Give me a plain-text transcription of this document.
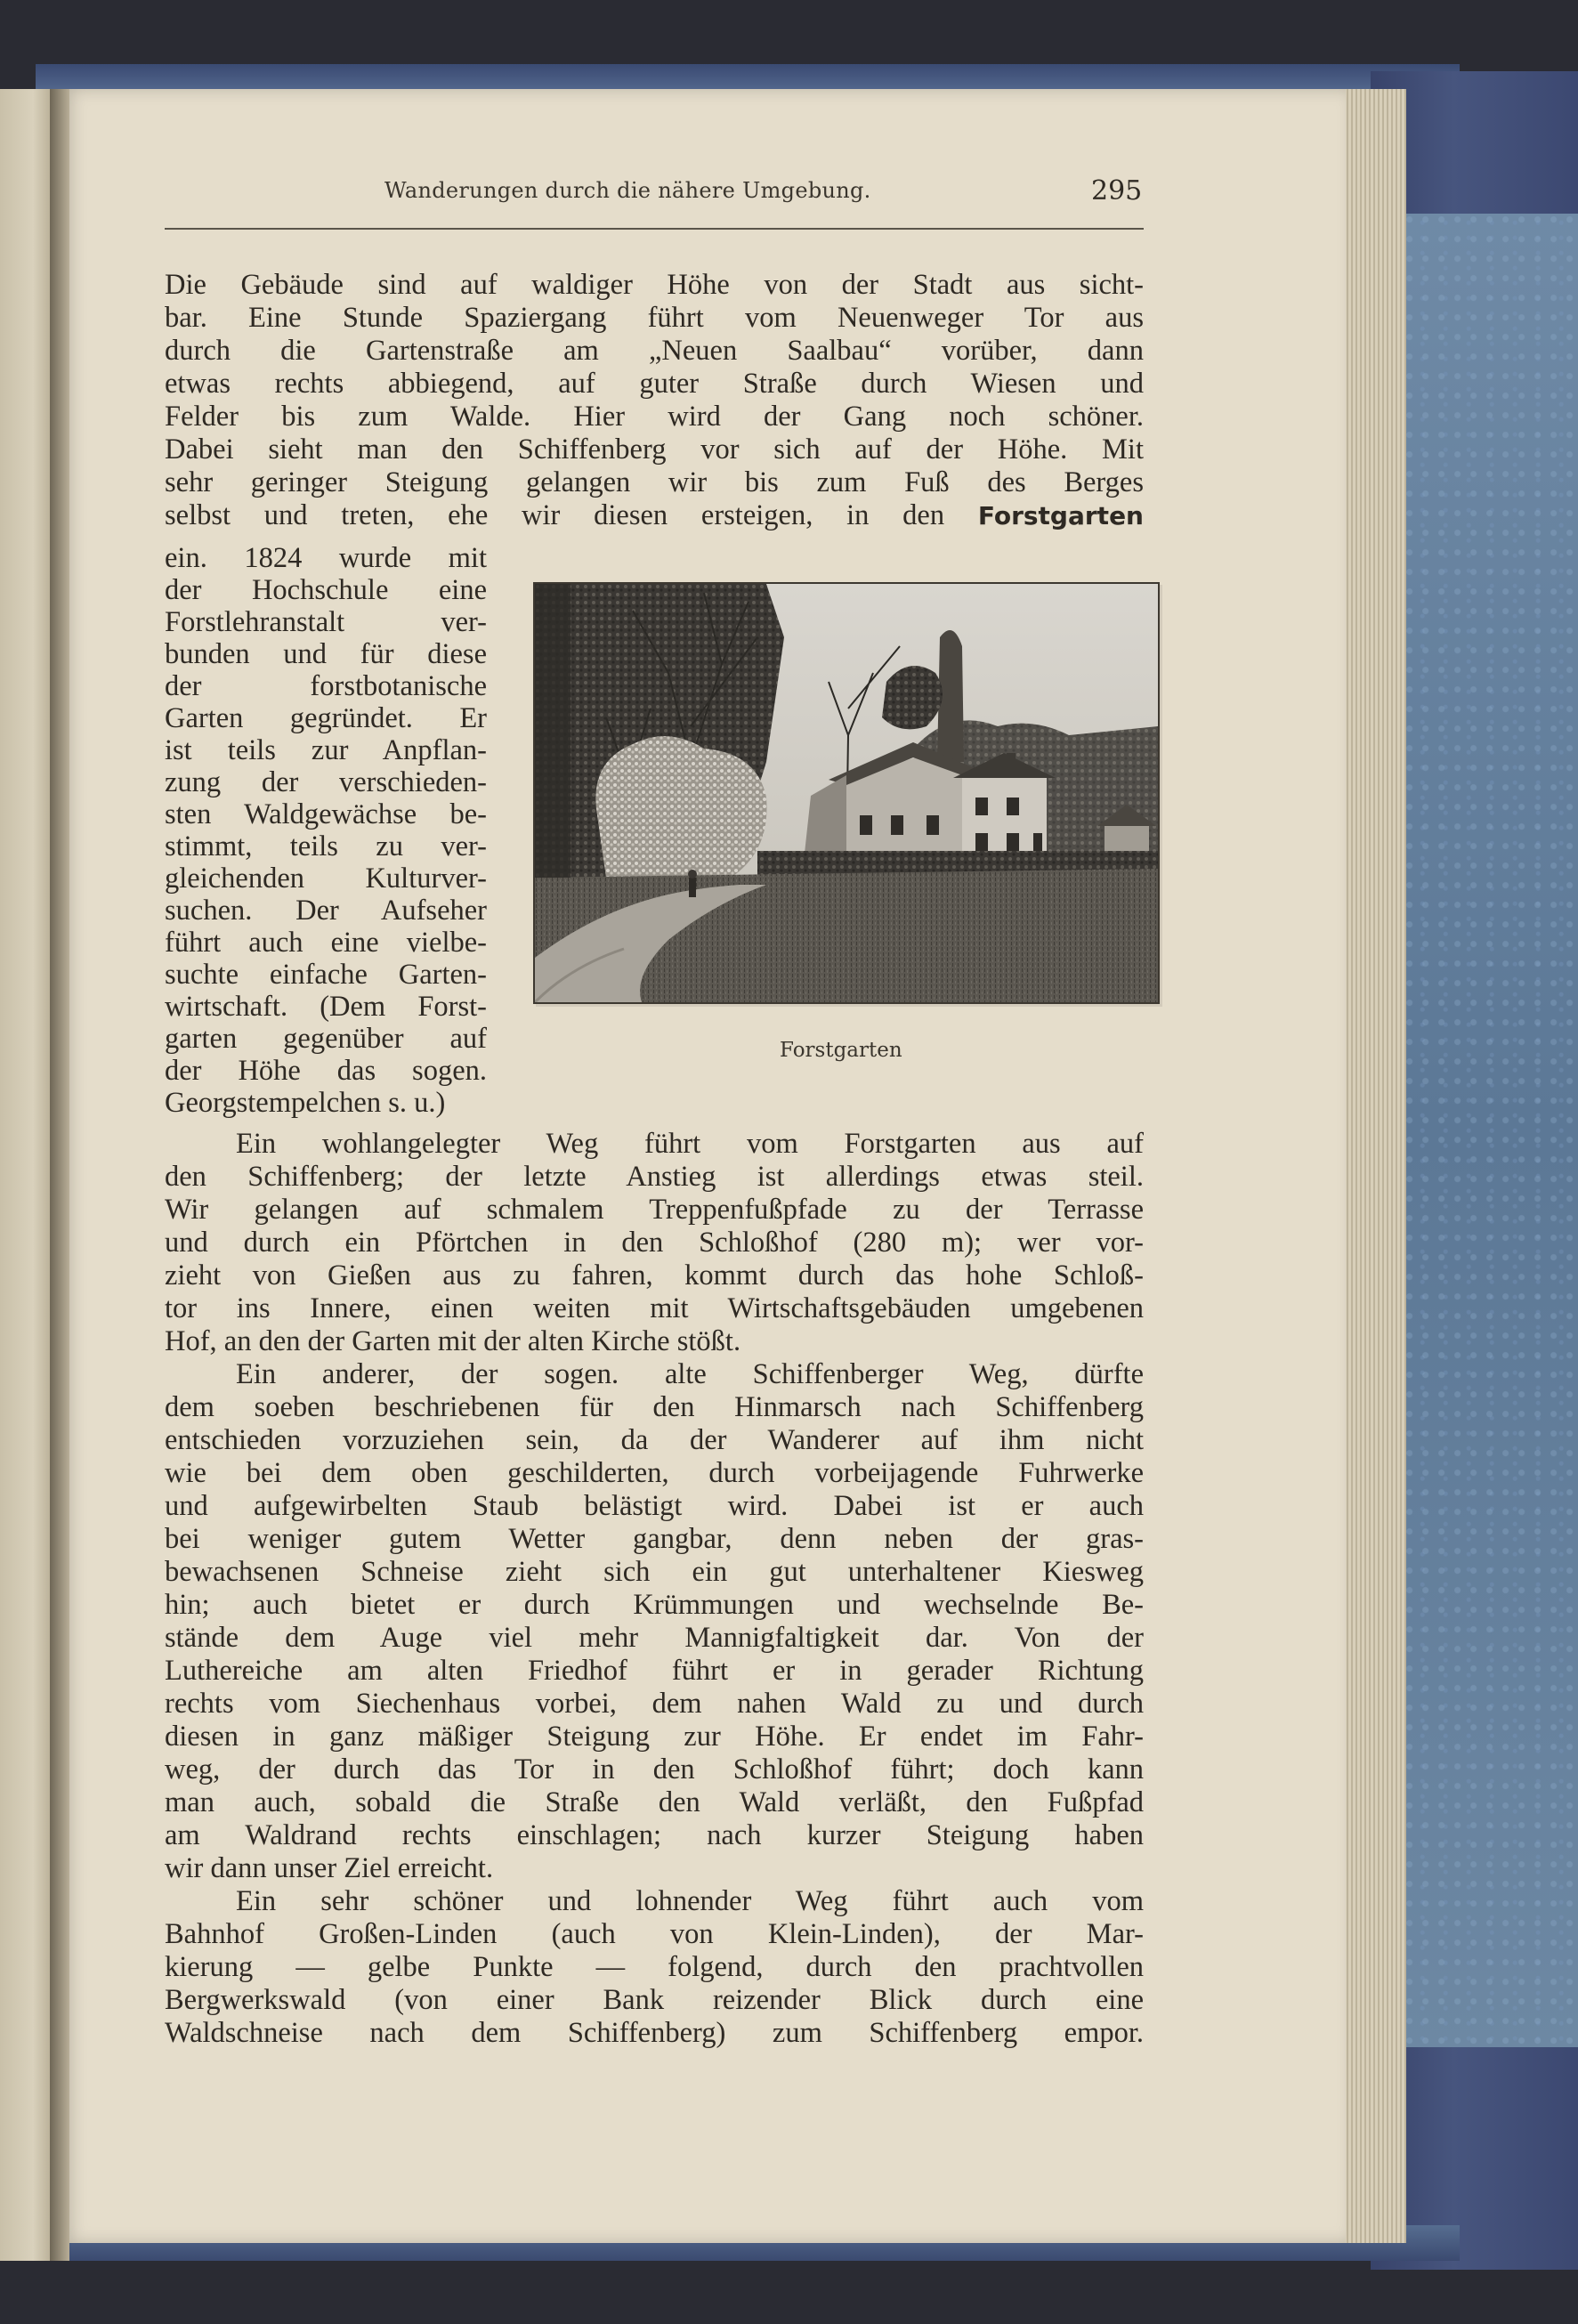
Wanderungen durch die nähere Umgebung.	295
Die Gebäude sind auf waldiger Höhe von der Stadt aus sicht-
bar. Eine Stunde Spaziergang führt vom Neuenweger Tor aus
durch die Gartenstraße am „Neuen Saalbau“ vorüber, dann
etwas rechts abbiegend, auf guter Straße durch Wiesen und
Felder bis zum Walde. Hier wird der Gang noch schöner.
Dabei sieht man den Schiffenberg vor sich auf der Höhe. Mit
sehr geringer Steigung gelangen wir bis zum Fuß des Berges
selbst und treten, ehe wir diesen ersteigen, in den Forstgarten
ein. 1824 wurde mit
der Hochschule eine
Forstlehranstalt ver-
bunden und für diese
der forstbotanische
Garten gegründet. Er
ist teils zur Anpflan-
zung der verschieden-
sten Waldgewächse be-
stimmt, teils zu ver-
gleichenden Kulturver-
suchen. Der Aufseher
führt auch eine vielbe-
suchte einfache Garten-
wirtschaft. (Dem Forst-
garten gegenüber auf
der Höhe das sogen.
Georgstempelchen s. u.)
Forstgarten
Ein wohlangelegter Weg führt vom Forstgarten aus auf
den Schiffenberg; der letzte Anstieg ist allerdings etwas steil.
Wir gelangen auf schmalem Treppenfußpfade zu der Terrasse
und durch ein Pförtchen in den Schloßhof (280 m); wer vor-
zieht von Gießen aus zu fahren, kommt durch das hohe Schloß-
tor ins Innere, einen weiten mit Wirtschaftsgebäuden umgebenen
Hof, an den der Garten mit der alten Kirche stößt.
Ein anderer, der sogen. alte Schiffenberger Weg, dürfte
dem soeben beschriebenen für den Hinmarsch nach Schiffenberg
entschieden vorzuziehen sein, da der Wanderer auf ihm nicht
wie bei dem oben geschilderten, durch vorbeijagende Fuhrwerke
und aufgewirbelten Staub belästigt wird. Dabei ist er auch
bei weniger gutem Wetter gangbar, denn neben der gras-
bewachsenen Schneise zieht sich ein gut unterhaltener Kiesweg
hin; auch bietet er durch Krümmungen und wechselnde Be-
stände dem Auge viel mehr Mannigfaltigkeit dar. Von der
Luthereiche am alten Friedhof führt er in gerader Richtung
rechts vom Siechenhaus vorbei, dem nahen Wald zu und durch
diesen in ganz mäßiger Steigung zur Höhe. Er endet im Fahr-
weg, der durch das Tor in den Schloßhof führt; doch kann
man auch, sobald die Straße den Wald verläßt, den Fußpfad
am Waldrand rechts einschlagen; nach kurzer Steigung haben
wir dann unser Ziel erreicht.
Ein sehr schöner und lohnender Weg führt auch vom
Bahnhof Großen-Linden (auch von Klein-Linden), der Mar-
kierung — gelbe Punkte — folgend, durch den prachtvollen
Bergwerkswald (von einer Bank reizender Blick durch eine
Waldschneise nach dem Schiffenberg) zum Schiffenberg empor.
